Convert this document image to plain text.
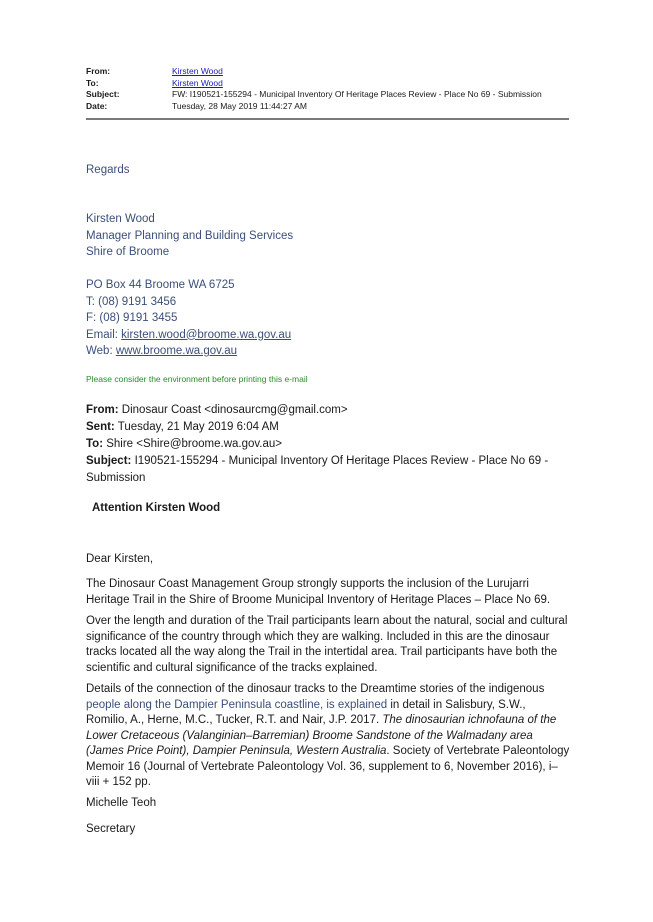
From:	Kirsten Wood
To:	Kirsten Wood
Subject:	FW: I190521-155294 - Municipal Inventory Of Heritage Places Review - Place No 69 - Submission
Date:	Tuesday, 28 May 2019 11:44:27 AM
Regards
Kirsten Wood
Manager Planning and Building Services
Shire of Broome
PO Box 44 Broome WA 6725
T: (08) 9191 3456
F: (08) 9191 3455
Email: kirsten.wood@broome.wa.gov.au
Web: www.broome.wa.gov.au
Please consider the environment before printing this e-mail
From: Dinosaur Coast <dinosaurcmg@gmail.com>
Sent: Tuesday, 21 May 2019 6:04 AM
To: Shire <Shire@broome.wa.gov.au>
Subject: I190521-155294 - Municipal Inventory Of Heritage Places Review - Place No 69 - Submission
Attention Kirsten Wood
Dear Kirsten,
The Dinosaur Coast Management Group strongly supports the inclusion of the Lurujarri Heritage Trail in the Shire of Broome Municipal Inventory of Heritage Places – Place No 69.
Over the length and duration of the Trail participants learn about the natural, social and cultural significance of the country through which they are walking. Included in this are the dinosaur tracks located all the way along the Trail in the intertidal area. Trail participants have both the scientific and cultural significance of the tracks explained.
Details of the connection of the dinosaur tracks to the Dreamtime stories of the indigenous people along the Dampier Peninsula coastline, is explained in detail in Salisbury, S.W., Romilio, A., Herne, M.C., Tucker, R.T. and Nair, J.P. 2017. The dinosaurian ichnofauna of the Lower Cretaceous (Valanginian–Barremian) Broome Sandstone of the Walmadany area (James Price Point), Dampier Peninsula, Western Australia. Society of Vertebrate Paleontology Memoir 16 (Journal of Vertebrate Paleontology Vol. 36, supplement to 6, November 2016), i–viii + 152 pp.
Michelle Teoh
Secretary
